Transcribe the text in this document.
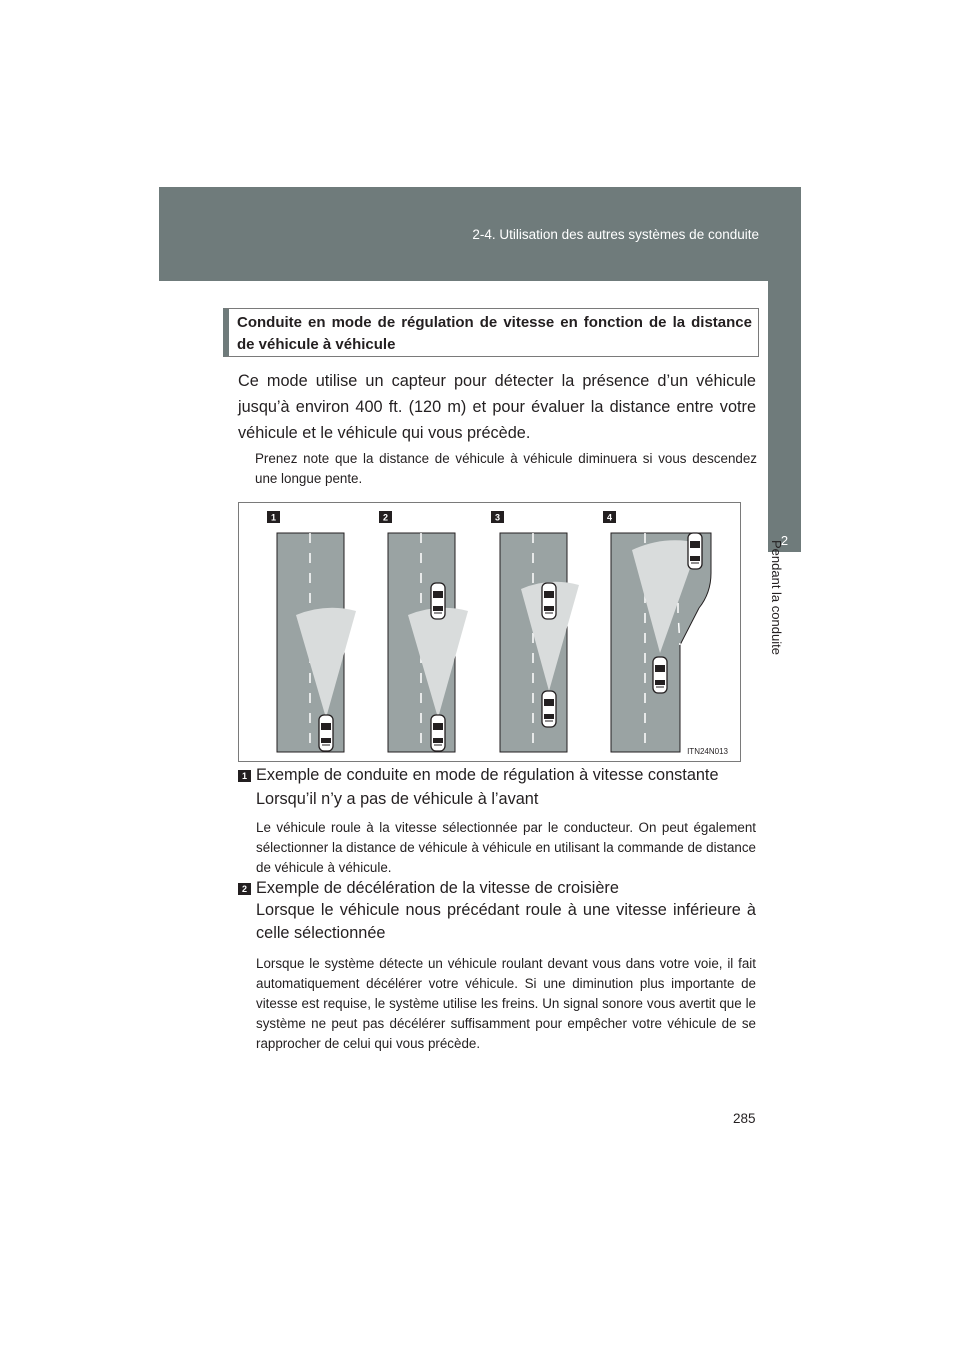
2-4. Utilisation des autres systèmes de conduite
2
Pendant la conduite
Conduite en mode de régulation de vitesse en fonction de la distance de véhicule à véhicule
Ce mode utilise un capteur pour détecter la présence d’un véhicule jusqu’à environ 400 ft. (120 m) et pour évaluer la distance entre votre véhicule et le véhicule qui vous précède.
Prenez note que la distance de véhicule à véhicule diminuera si vous descendez une longue pente.
1	2	3	4
ITN24N013
1 Exemple de conduite en mode de régulation à vitesse constante
Lorsqu’il n’y a pas de véhicule à l’avant
Le véhicule roule à la vitesse sélectionnée par le conducteur. On peut également sélectionner la distance de véhicule à véhicule en utilisant la commande de distance de véhicule à véhicule.
2 Exemple de décélération de la vitesse de croisière
Lorsque le véhicule nous précédant roule à une vitesse inférieure à celle sélectionnée
Lorsque le système détecte un véhicule roulant devant vous dans votre voie, il fait automatiquement décélérer votre véhicule. Si une diminution plus importante de vitesse est requise, le système utilise les freins. Un signal sonore vous avertit que le système ne peut pas décélérer suffisamment pour empêcher votre véhicule de se rapprocher de celui qui vous précède.
285
